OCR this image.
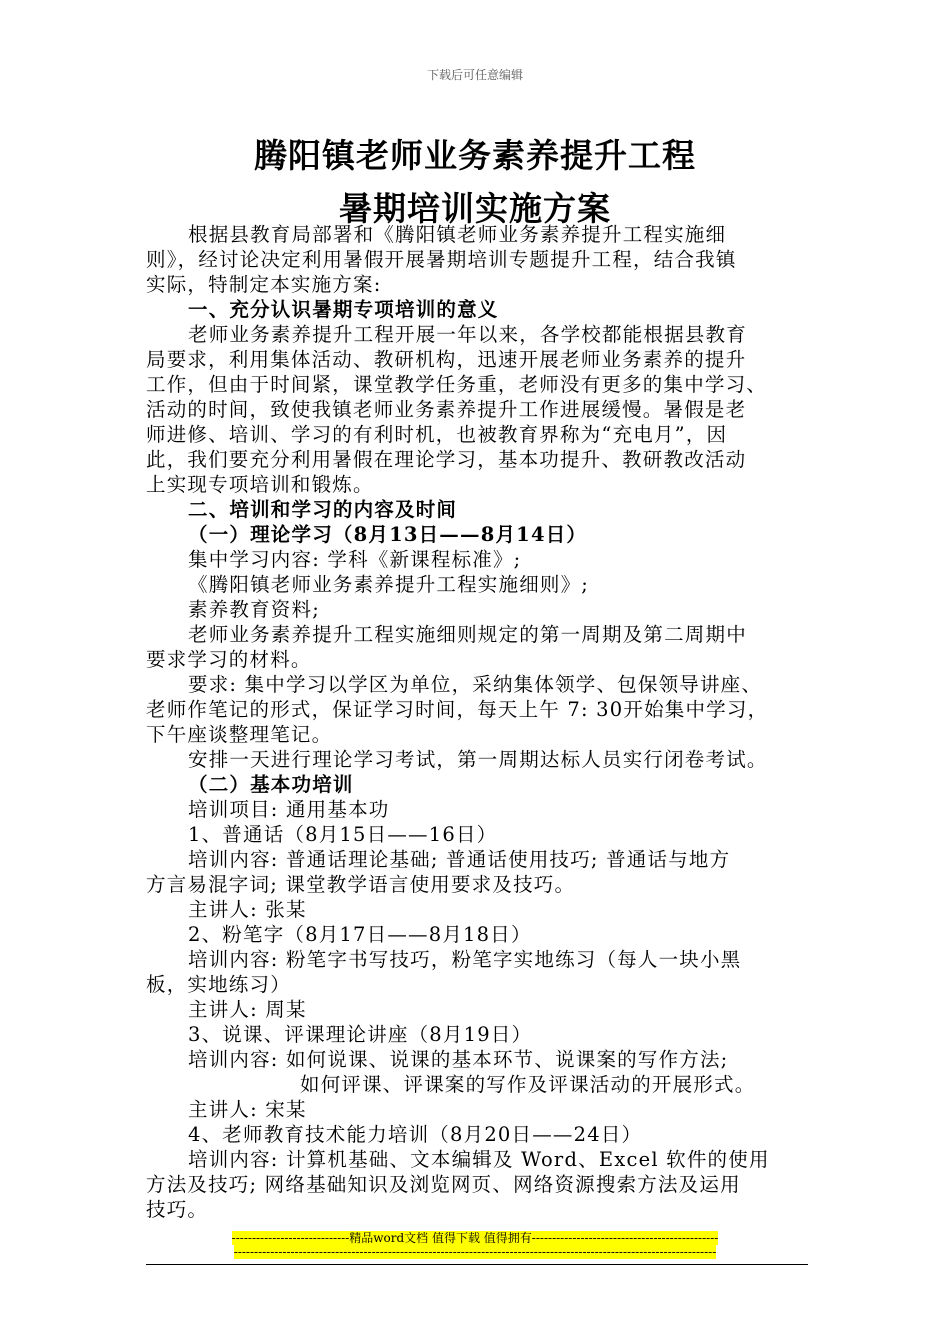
下载后可任意编辑
腾阳镇老师业务素养提升工程
暑期培训实施方案
根据县教育局部署和《腾阳镇老师业务素养提升工程实施细
则》，经讨论决定利用暑假开展暑期培训专题提升工程，结合我镇
实际，特制定本实施方案:
一、充分认识暑期专项培训的意义
老师业务素养提升工程开展一年以来，各学校都能根据县教育
局要求，利用集体活动、教研机构，迅速开展老师业务素养的提升
工作，但由于时间紧，课堂教学任务重，老师没有更多的集中学习、
活动的时间，致使我镇老师业务素养提升工作进展缓慢。暑假是老
师进修、培训、学习的有利时机，也被教育界称为“充电月”，因
此，我们要充分利用暑假在理论学习，基本功提升、教研教改活动
上实现专项培训和锻炼。
二、培训和学习的内容及时间
（一）理论学习（8月13日——8月14日）
集中学习内容: 学科《新课程标准》;
《腾阳镇老师业务素养提升工程实施细则》;
素养教育资料;
老师业务素养提升工程实施细则规定的第一周期及第二周期中
要求学习的材料。
要求: 集中学习以学区为单位，采纳集体领学、包保领导讲座、
老师作笔记的形式，保证学习时间，每天上午 7: 30开始集中学习，
下午座谈整理笔记。
安排一天进行理论学习考试，第一周期达标人员实行闭卷考试。
（二）基本功培训
培训项目: 通用基本功
1、普通话（8月15日——16日）
培训内容: 普通话理论基础; 普通话使用技巧; 普通话与地方
方言易混字词; 课堂教学语言使用要求及技巧。
主讲人: 张某
2、粉笔字（8月17日——8月18日）
培训内容: 粉笔字书写技巧，粉笔字实地练习（每人一块小黑
板，实地练习）
主讲人: 周某
3、说课、评课理论讲座（8月19日）
培训内容: 如何说课、说课的基本环节、说课案的写作方法;
如何评课、评课案的写作及评课活动的开展形式。
主讲人: 宋某
4、老师教育技术能力培训（8月20日——24日）
培训内容: 计算机基础、文本编辑及 Word、Excel 软件的使用
方法及技巧; 网络基础知识及浏览网页、网络资源搜索方法及运用
技巧。
-----------------------------精品word文档 值得下载 值得拥有----------------------------------------------
-----------------------------------------------------------------------------------------------------------------------
